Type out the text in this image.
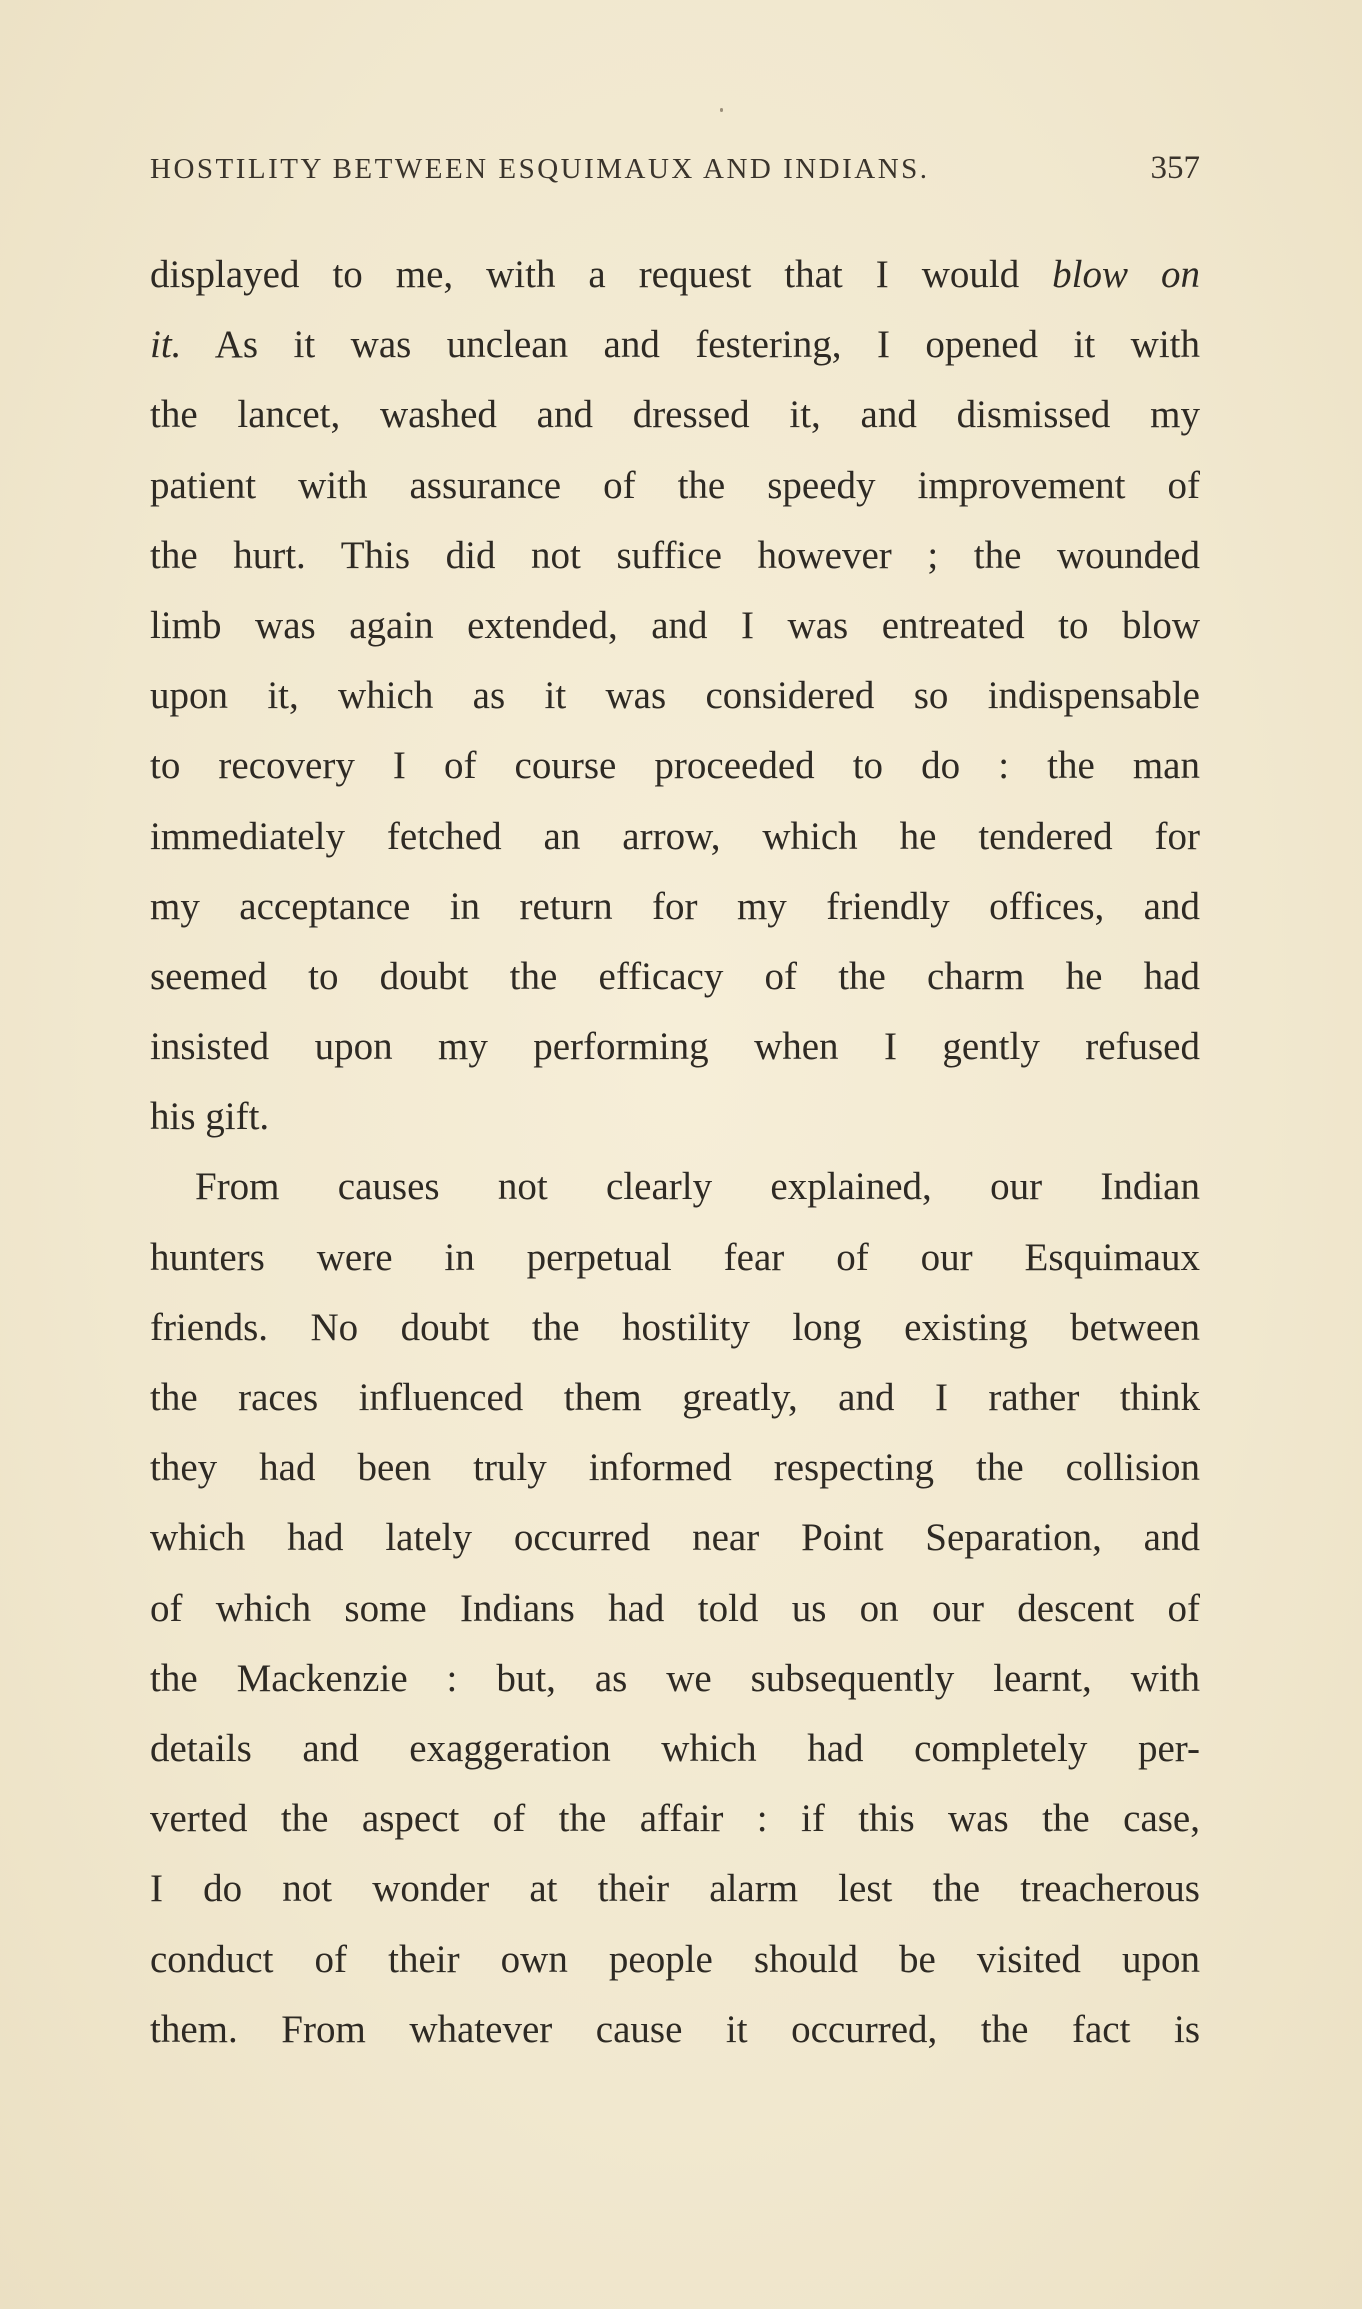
HOSTILITY BETWEEN ESQUIMAUX AND INDIANS.	357
displayed to me, with a request that I would blow on
it. As it was unclean and festering, I opened it with
the lancet, washed and dressed it, and dismissed my
patient with assurance of the speedy improvement of
the hurt. This did not suffice however ; the wounded
limb was again extended, and I was entreated to blow
upon it, which as it was considered so indispensable
to recovery I of course proceeded to do : the man
immediately fetched an arrow, which he tendered for
my acceptance in return for my friendly offices, and
seemed to doubt the efficacy of the charm he had
insisted upon my performing when I gently refused
his gift.
From causes not clearly explained, our Indian
hunters were in perpetual fear of our Esquimaux
friends. No doubt the hostility long existing between
the races influenced them greatly, and I rather think
they had been truly informed respecting the collision
which had lately occurred near Point Separation, and
of which some Indians had told us on our descent of
the Mackenzie : but, as we subsequently learnt, with
details and exaggeration which had completely per-
verted the aspect of the affair : if this was the case,
I do not wonder at their alarm lest the treacherous
conduct of their own people should be visited upon
them. From whatever cause it occurred, the fact is
